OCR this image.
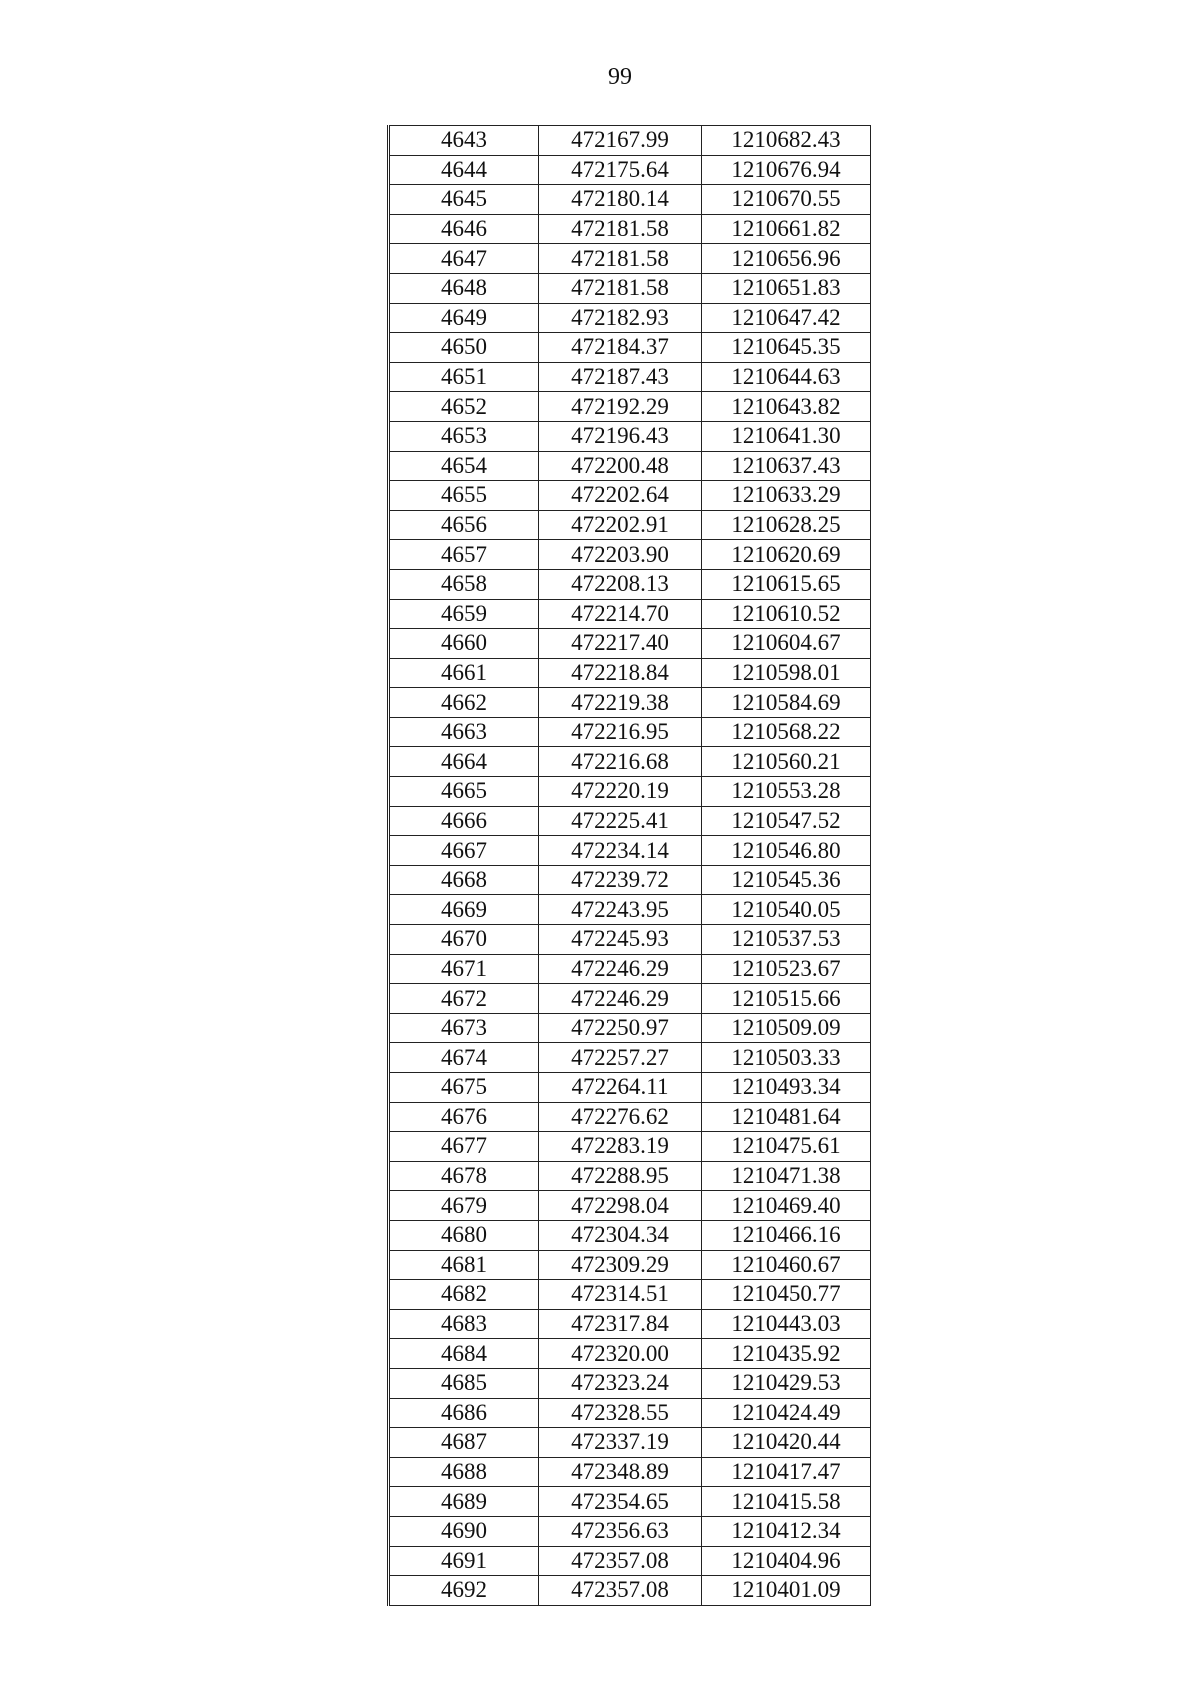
99
4643	472167.99	1210682.43
4644	472175.64	1210676.94
4645	472180.14	1210670.55
4646	472181.58	1210661.82
4647	472181.58	1210656.96
4648	472181.58	1210651.83
4649	472182.93	1210647.42
4650	472184.37	1210645.35
4651	472187.43	1210644.63
4652	472192.29	1210643.82
4653	472196.43	1210641.30
4654	472200.48	1210637.43
4655	472202.64	1210633.29
4656	472202.91	1210628.25
4657	472203.90	1210620.69
4658	472208.13	1210615.65
4659	472214.70	1210610.52
4660	472217.40	1210604.67
4661	472218.84	1210598.01
4662	472219.38	1210584.69
4663	472216.95	1210568.22
4664	472216.68	1210560.21
4665	472220.19	1210553.28
4666	472225.41	1210547.52
4667	472234.14	1210546.80
4668	472239.72	1210545.36
4669	472243.95	1210540.05
4670	472245.93	1210537.53
4671	472246.29	1210523.67
4672	472246.29	1210515.66
4673	472250.97	1210509.09
4674	472257.27	1210503.33
4675	472264.11	1210493.34
4676	472276.62	1210481.64
4677	472283.19	1210475.61
4678	472288.95	1210471.38
4679	472298.04	1210469.40
4680	472304.34	1210466.16
4681	472309.29	1210460.67
4682	472314.51	1210450.77
4683	472317.84	1210443.03
4684	472320.00	1210435.92
4685	472323.24	1210429.53
4686	472328.55	1210424.49
4687	472337.19	1210420.44
4688	472348.89	1210417.47
4689	472354.65	1210415.58
4690	472356.63	1210412.34
4691	472357.08	1210404.96
4692	472357.08	1210401.09
